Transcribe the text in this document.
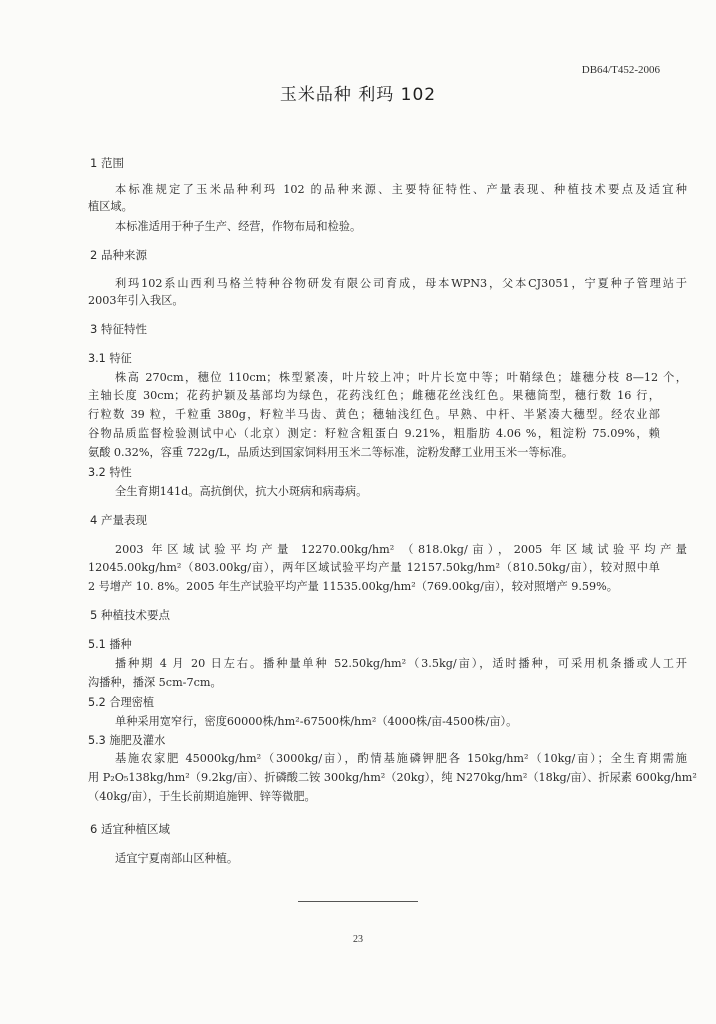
DB64/T452-2006
玉米品种 利玛 102
1 范围
本标准规定了玉米品种利玛 102 的品种来源、主要特征特性、产量表现、种植技术要点及适宜种
植区域。
本标准适用于种子生产、经营，作物布局和检验。
2 品种来源
利玛102系山西利马格兰特种谷物研发有限公司育成，母本WPN3，父本CJ3051，宁夏种子管理站于
2003年引入我区。
3 特征特性
3.1 特征
株高 270cm，穗位 110cm；株型紧凑，叶片较上冲；叶片长宽中等；叶鞘绿色；雄穗分枝 8—12 个，
主轴长度 30cm；花药护颖及基部均为绿色，花药浅红色；雌穗花丝浅红色。果穗筒型，穗行数 16 行，
行粒数 39 粒，千粒重 380g，籽粒半马齿、黄色；穗轴浅红色。早熟、中杆、半紧凑大穗型。经农业部
谷物品质监督检验测试中心（北京）测定：籽粒含粗蛋白 9.21%，粗脂肪 4.06 %，粗淀粉 75.09%，赖
氨酸 0.32%，容重 722g/L，品质达到国家饲料用玉米二等标准，淀粉发酵工业用玉米一等标准。
3.2 特性
全生育期141d。高抗倒伏，抗大小斑病和病毒病。
4 产量表现
2003 年区域试验平均产量 12270.00kg/hm² （818.0kg/亩），2005 年区域试验平均产量
12045.00kg/hm²（803.00kg/亩），两年区域试验平均产量 12157.50kg/hm²（810.50kg/亩），较对照中单
2 号增产 10. 8%。2005 年生产试验平均产量 11535.00kg/hm²（769.00kg/亩），较对照增产 9.59%。
5 种植技术要点
5.1 播种
播种期 4 月 20 日左右。播种量单种 52.50kg/hm²（3.5kg/亩），适时播种，可采用机条播或人工开
沟播种，播深 5cm-7cm。
5.2 合理密植
单种采用宽窄行，密度60000株/hm²-67500株/hm²（4000株/亩-4500株/亩）。
5.3 施肥及灌水
基施农家肥 45000kg/hm²（3000kg/亩），酌情基施磷钾肥各 150kg/hm²（10kg/亩）；全生育期需施
用 P₂O₅138kg/hm²（9.2kg/亩）、折磷酸二铵 300kg/hm²（20kg），纯 N270kg/hm²（18kg/亩）、折尿素 600kg/hm²
（40kg/亩），于生长前期追施钾、锌等微肥。
6 适宜种植区域
适宜宁夏南部山区种植。
23
